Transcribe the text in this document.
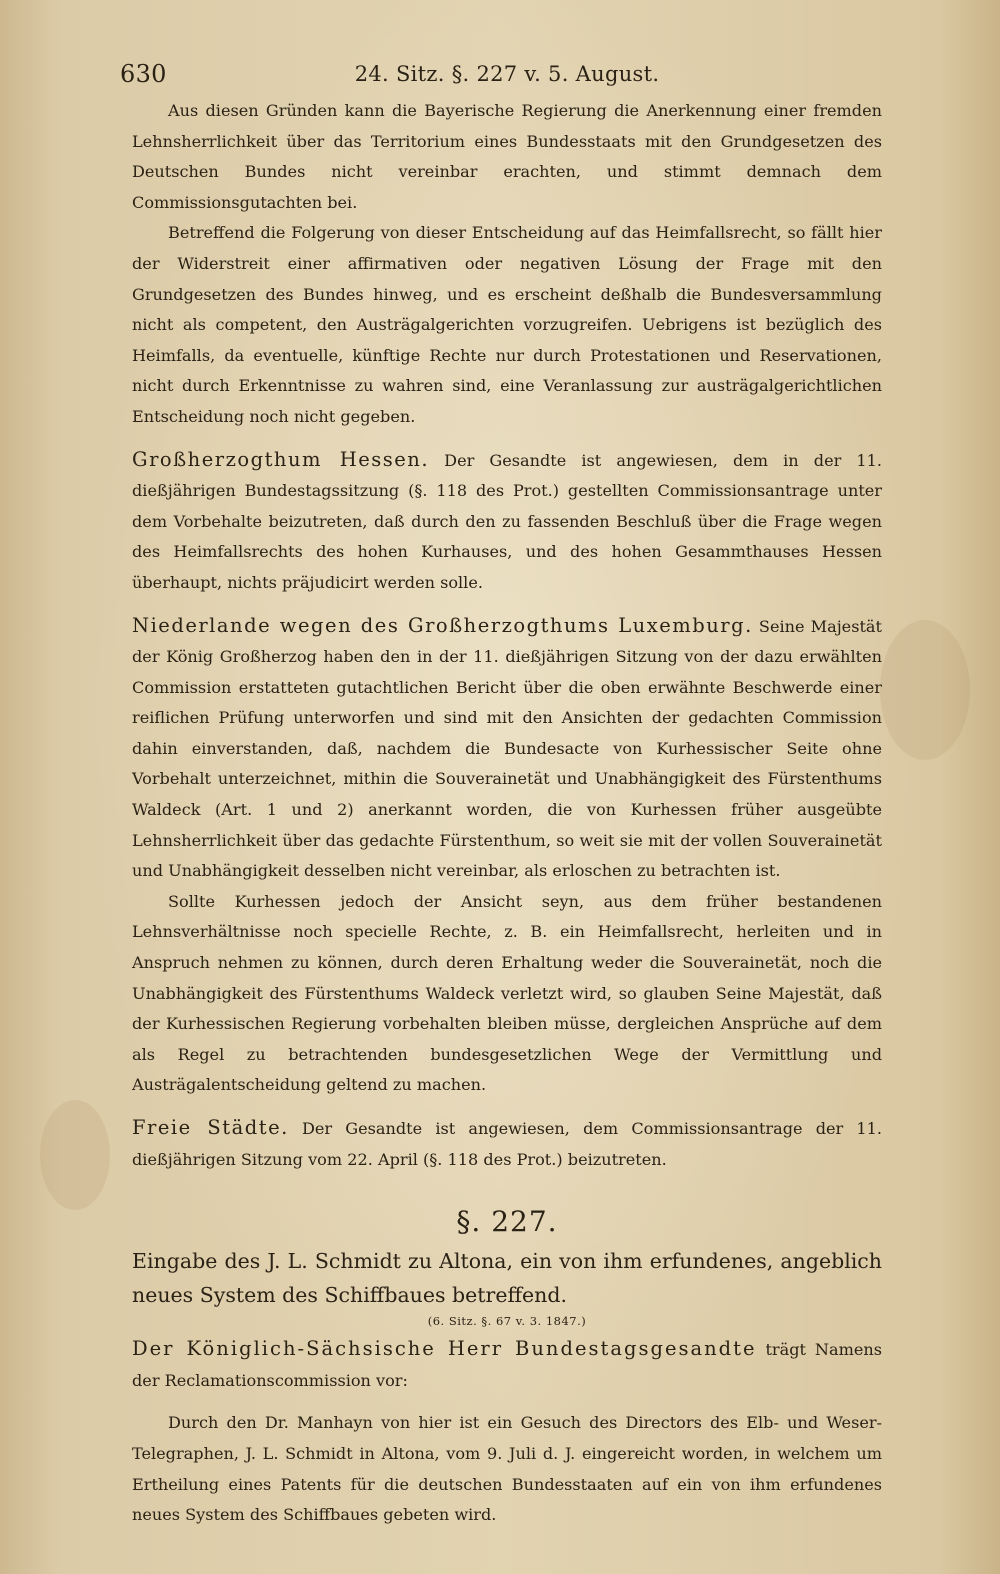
630	24. Sitz. §. 227 v. 5. August.

Aus diesen Gründen kann die Bayerische Regierung die Anerkennung einer fremden Lehnsherrlichkeit über das Territorium eines Bundesstaats mit den Grundgesetzen des Deutschen Bundes nicht vereinbar erachten, und stimmt demnach dem Commissionsgutachten bei.

Betreffend die Folgerung von dieser Entscheidung auf das Heimfallsrecht, so fällt hier der Widerstreit einer affirmativen oder negativen Lösung der Frage mit den Grundgesetzen des Bundes hinweg, und es erscheint deßhalb die Bundesversammlung nicht als competent, den Austrägalgerichten vorzugreifen. Uebrigens ist bezüglich des Heimfalls, da eventuelle, künftige Rechte nur durch Protestationen und Reservationen, nicht durch Erkenntnisse zu wahren sind, eine Veranlassung zur austrägalgerichtlichen Entscheidung noch nicht gegeben.

Großherzogthum Hessen. Der Gesandte ist angewiesen, dem in der 11. dießjährigen Bundestagssitzung (§. 118 des Prot.) gestellten Commissionsantrage unter dem Vorbehalte beizutreten, daß durch den zu fassenden Beschluß über die Frage wegen des Heimfallsrechts des hohen Kurhauses, und des hohen Gesammthauses Hessen überhaupt, nichts präjudicirt werden solle.

Niederlande wegen des Großherzogthums Luxemburg. Seine Majestät der König Großherzog haben den in der 11. dießjährigen Sitzung von der dazu erwählten Commission erstatteten gutachtlichen Bericht über die oben erwähnte Beschwerde einer reiflichen Prüfung unterworfen und sind mit den Ansichten der gedachten Commission dahin einverstanden, daß, nachdem die Bundesacte von Kurhessischer Seite ohne Vorbehalt unterzeichnet, mithin die Souverainetät und Unabhängigkeit des Fürstenthums Waldeck (Art. 1 und 2) anerkannt worden, die von Kurhessen früher ausgeübte Lehnsherrlichkeit über das gedachte Fürstenthum, so weit sie mit der vollen Souverainetät und Unabhängigkeit desselben nicht vereinbar, als erloschen zu betrachten ist.

Sollte Kurhessen jedoch der Ansicht seyn, aus dem früher bestandenen Lehnsverhältnisse noch specielle Rechte, z. B. ein Heimfallsrecht, herleiten und in Anspruch nehmen zu können, durch deren Erhaltung weder die Souverainetät, noch die Unabhängigkeit des Fürstenthums Waldeck verletzt wird, so glauben Seine Majestät, daß der Kurhessischen Regierung vorbehalten bleiben müsse, dergleichen Ansprüche auf dem als Regel zu betrachtenden bundesgesetzlichen Wege der Vermittlung und Austrägalentscheidung geltend zu machen.

Freie Städte. Der Gesandte ist angewiesen, dem Commissionsantrage der 11. dießjährigen Sitzung vom 22. April (§. 118 des Prot.) beizutreten.

§. 227.

Eingabe des J. L. Schmidt zu Altona, ein von ihm erfundenes, angeblich neues System des Schiffbaues betreffend.

(6. Sitz. §. 67 v. 3. 1847.)

Der Königlich-Sächsische Herr Bundestagsgesandte trägt Namens der Reclamationscommission vor:

Durch den Dr. Manhayn von hier ist ein Gesuch des Directors des Elb- und Weser-Telegraphen, J. L. Schmidt in Altona, vom 9. Juli d. J. eingereicht worden, in welchem um Ertheilung eines Patents für die deutschen Bundesstaaten auf ein von ihm erfundenes neues System des Schiffbaues gebeten wird.
